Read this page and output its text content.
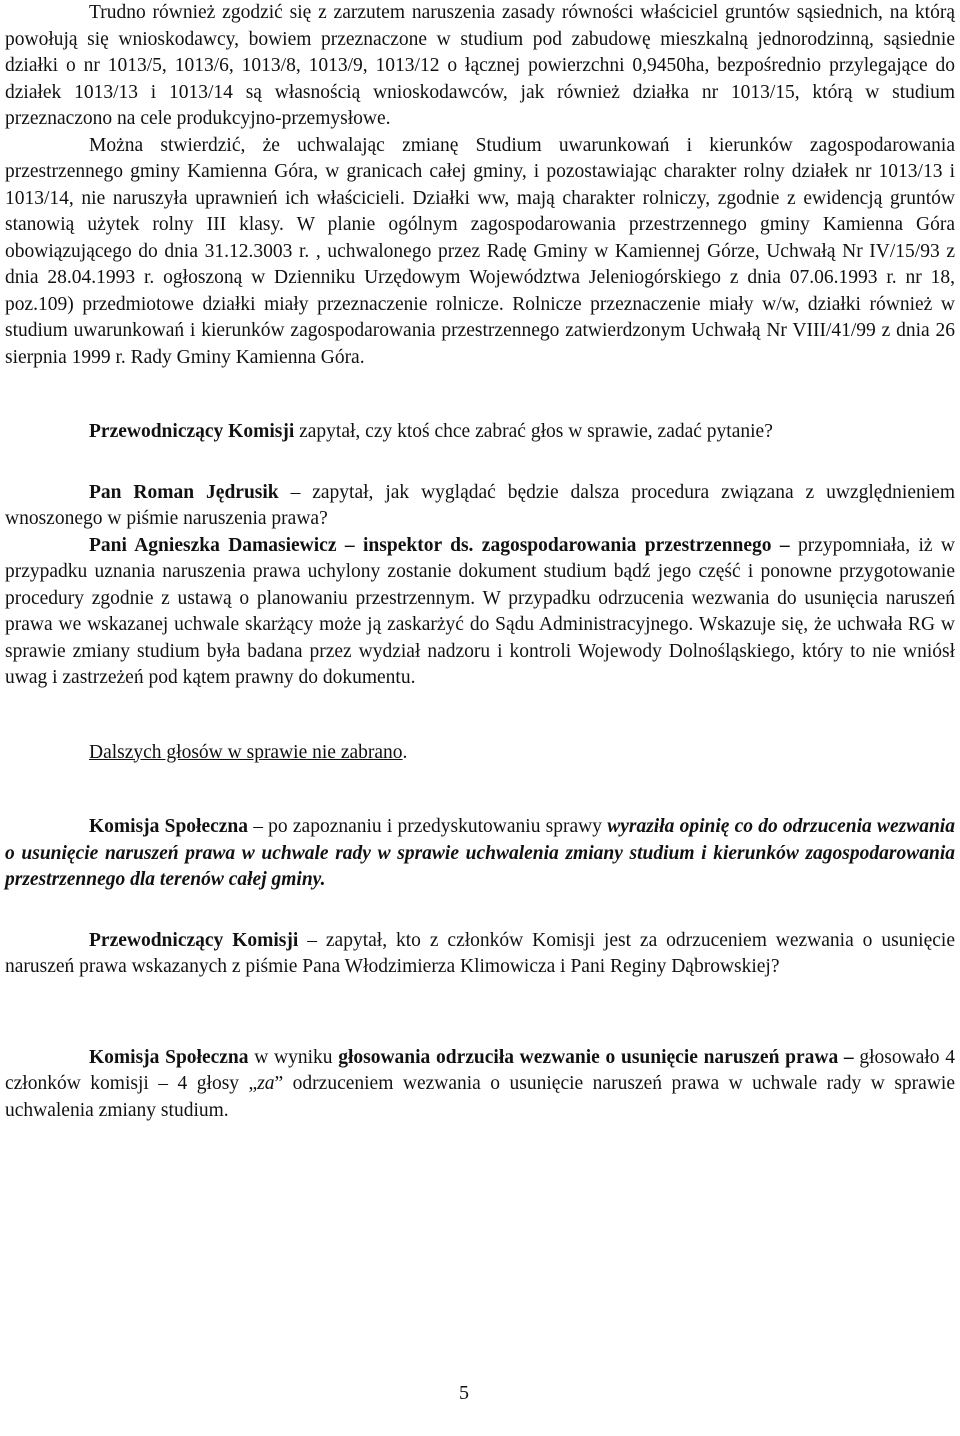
Trudno również zgodzić się z zarzutem naruszenia zasady równości właściciel gruntów sąsiednich, na którą powołują się wnioskodawcy, bowiem przeznaczone w studium pod zabudowę mieszkalną jednorodzinną, sąsiednie działki o nr 1013/5, 1013/6, 1013/8, 1013/9, 1013/12 o łącznej powierzchni 0,9450ha, bezpośrednio przylegające do działek 1013/13 i 1013/14 są własnością wnioskodawców, jak również działka nr 1013/15, którą w studium przeznaczono na cele produkcyjno-przemysłowe.

Można stwierdzić, że uchwalając zmianę Studium uwarunkowań i kierunków zagospodarowania przestrzennego gminy Kamienna Góra, w granicach całej gminy, i pozostawiając charakter rolny działek nr 1013/13 i 1013/14, nie naruszyła uprawnień ich właścicieli. Działki ww, mają charakter rolniczy, zgodnie z ewidencją gruntów stanowią użytek rolny III klasy. W planie ogólnym zagospodarowania przestrzennego gminy Kamienna Góra obowiązującego do dnia 31.12.3003 r. , uchwalonego przez Radę Gminy w Kamiennej Górze, Uchwałą Nr IV/15/93 z dnia 28.04.1993 r. ogłoszoną w Dzienniku Urzędowym Województwa Jeleniogórskiego z dnia 07.06.1993 r. nr 18, poz.109) przedmiotowe działki miały przeznaczenie rolnicze. Rolnicze przeznaczenie miały w/w, działki również w studium uwarunkowań i kierunków zagospodarowania przestrzennego zatwierdzonym Uchwałą Nr VIII/41/99 z dnia 26 sierpnia 1999 r. Rady Gminy Kamienna Góra.

Przewodniczący Komisji zapytał, czy ktoś chce zabrać głos w sprawie, zadać pytanie?

Pan Roman Jędrusik – zapytał, jak wyglądać będzie dalsza procedura związana z uwzględnieniem wnoszonego w piśmie naruszenia prawa?

Pani Agnieszka Damasiewicz – inspektor ds. zagospodarowania przestrzennego – przypomniała, iż w przypadku uznania naruszenia prawa uchylony zostanie dokument studium bądź jego część i ponowne przygotowanie procedury zgodnie z ustawą o planowaniu przestrzennym. W przypadku odrzucenia wezwania do usunięcia naruszeń prawa we wskazanej uchwale skarżący może ją zaskarżyć do Sądu Administracyjnego. Wskazuje się, że uchwała RG w sprawie zmiany studium była badana przez wydział nadzoru i kontroli Wojewody Dolnośląskiego, który to nie wniósł uwag i zastrzeżeń pod kątem prawny do dokumentu.

Dalszych głosów w sprawie nie zabrano.

Komisja Społeczna – po zapoznaniu i przedyskutowaniu sprawy wyraziła opinię co do odrzucenia wezwania o usunięcie naruszeń prawa w uchwale rady w sprawie uchwalenia zmiany studium i kierunków zagospodarowania przestrzennego dla terenów całej gminy.

Przewodniczący Komisji – zapytał, kto z członków Komisji jest za odrzuceniem wezwania o usunięcie naruszeń prawa wskazanych z piśmie Pana Włodzimierza Klimowicza i Pani Reginy Dąbrowskiej?

Komisja Społeczna w wyniku głosowania odrzuciła wezwanie o usunięcie naruszeń prawa – głosowało 4 członków komisji – 4 głosy „za” odrzuceniem wezwania o usunięcie naruszeń prawa w uchwale rady w sprawie uchwalenia zmiany studium.

5
